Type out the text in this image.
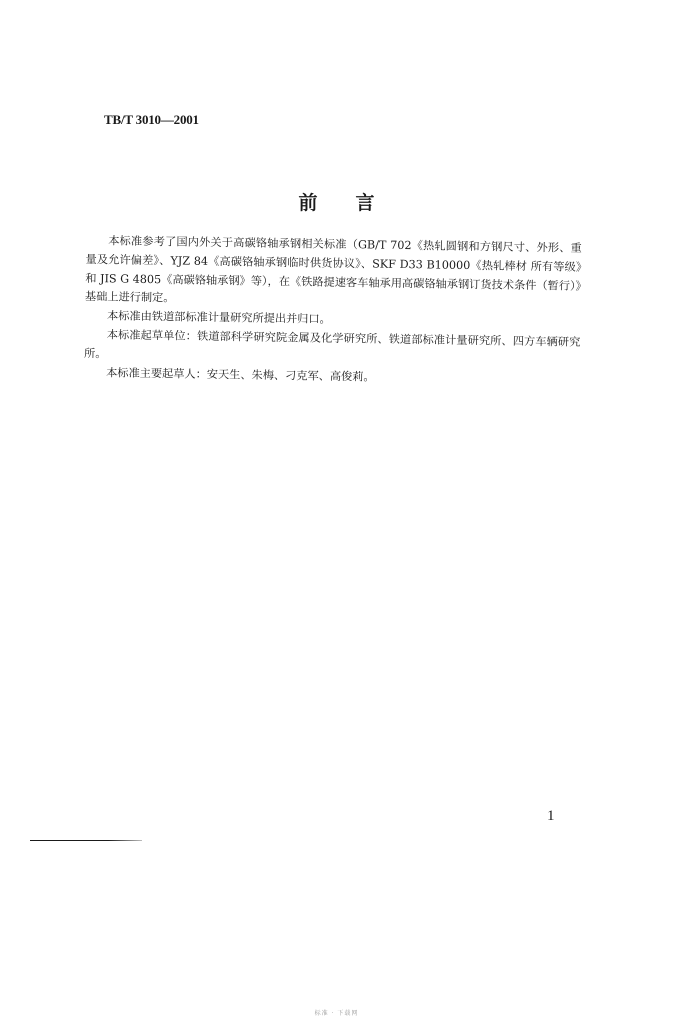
TB/T 3010—2001
前 言

本标准参考了国内外关于高碳铬轴承钢相关标准（GB/T 702《热轧圆钢和方钢尺寸、外形、重量及允许偏差》、YJZ 84《高碳铬轴承钢临时供货协议》、SKF D33 B10000《热轧棒材 所有等级》和 JIS G 4805《高碳铬轴承钢》等），在《铁路提速客车轴承用高碳铬轴承钢订货技术条件（暂行）》基础上进行制定。

本标准由铁道部标准计量研究所提出并归口。

本标准起草单位：铁道部科学研究院金属及化学研究所、铁道部标准计量研究所、四方车辆研究所。

本标准主要起草人：安天生、朱梅、刁克军、高俊莉。

1
标准 · 下载网
